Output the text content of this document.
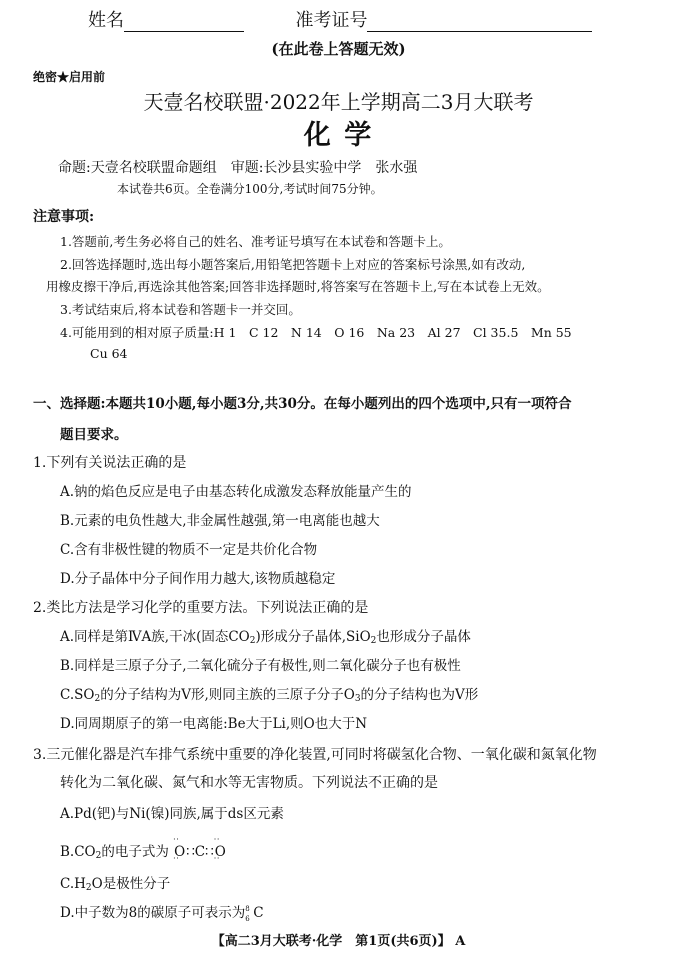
姓名	准考证号
(在此卷上答题无效)
绝密★启用前
天壹名校联盟·2022年上学期高二3月大联考
化 学
命题:天壹名校联盟命题组　审题:长沙县实验中学　张水强
本试卷共6页。全卷满分100分,考试时间75分钟。
注意事项:
1.答题前,考生务必将自己的姓名、准考证号填写在本试卷和答题卡上。
2.回答选择题时,选出每小题答案后,用铅笔把答题卡上对应的答案标号涂黑,如有改动,
用橡皮擦干净后,再选涂其他答案;回答非选择题时,将答案写在答题卡上,写在本试卷上无效。
3.考试结束后,将本试卷和答题卡一并交回。
4.可能用到的相对原子质量:H 1　C 12　N 14　O 16　Na 23　Al 27　Cl 35.5　Mn 55
Cu 64
一、选择题:本题共10小题,每小题3分,共30分。在每小题列出的四个选项中,只有一项符合
题目要求。
1.下列有关说法正确的是
A.钠的焰色反应是电子由基态转化成激发态释放能量产生的
B.元素的电负性越大,非金属性越强,第一电离能也越大
C.含有非极性键的物质不一定是共价化合物
D.分子晶体中分子间作用力越大,该物质越稳定
2.类比方法是学习化学的重要方法。下列说法正确的是
A.同样是第ⅣA族,干冰(固态$CO_2$)形成分子晶体,SiO$_2$也形成分子晶体
B.同样是三原子分子,二氧化硫分子有极性,则二氧化碳分子也有极性
$C.SO_2$的分子结构为V形,则同主族的三原子分子$O_3$的分子结构也为V形
D.同周期原子的第一电离能:Be大于Li,则O也大于N
3.三元催化器是汽车排气系统中重要的净化装置,可同时将碳氢化合物、一氧化碳和氮氧化物
转化为二氧化碳、氮气和水等无害物质。下列说法不正确的是
A.Pd(钯)与Ni(镍)同族,属于ds区元素
$B.CO_2$的电子式为 · · O · ·∷C∷· · O · ·
$C.H_2O$是极性分子
D.中子数为8的碳原子可表示为 8
6 C
【高二3月大联考·化学　第1页(共6页)】 A
